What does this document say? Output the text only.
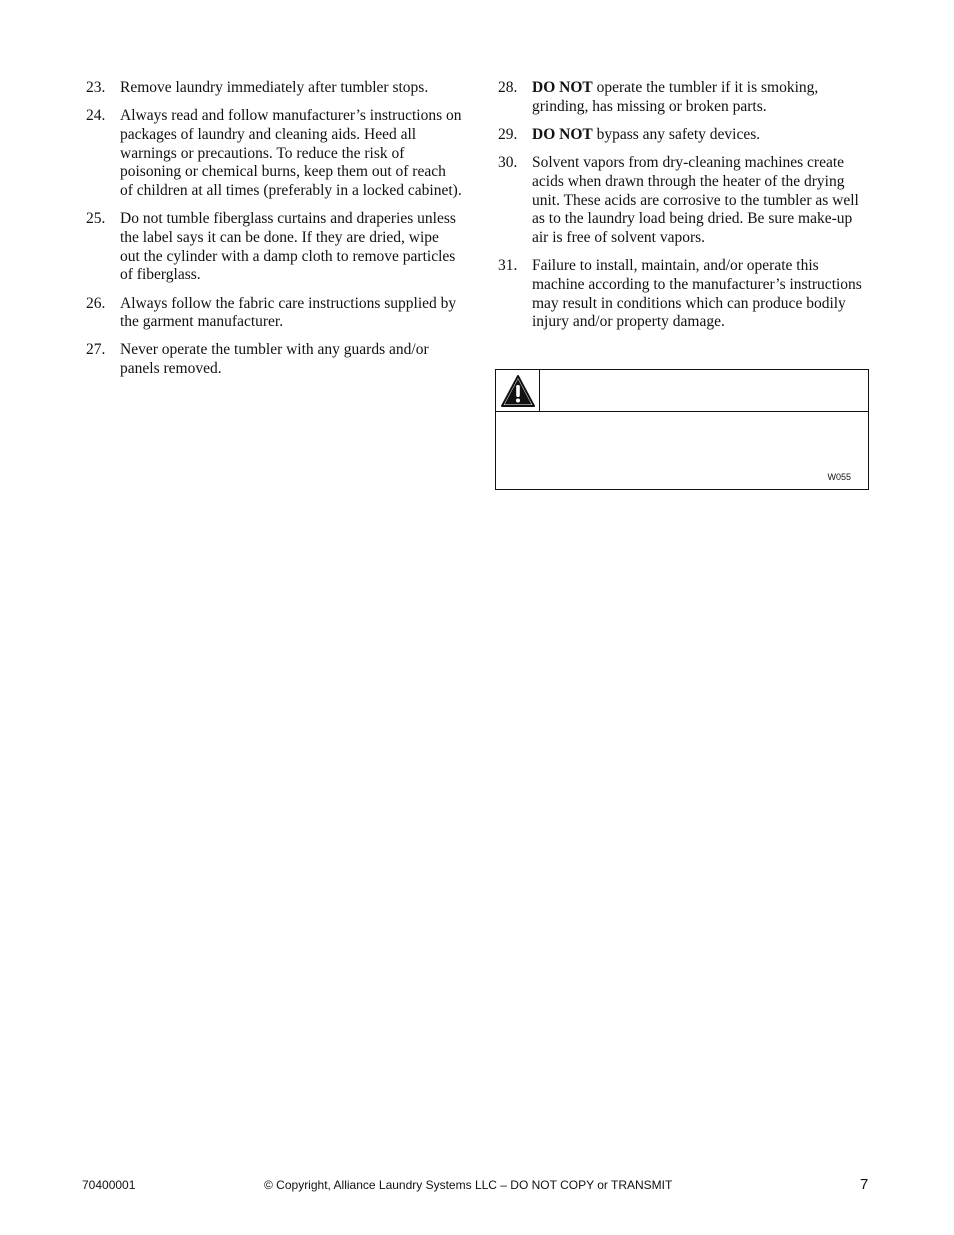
23. Remove laundry immediately after tumbler stops.
24. Always read and follow manufacturer’s instructions on packages of laundry and cleaning aids. Heed all warnings or precautions. To reduce the risk of poisoning or chemical burns, keep them out of reach of children at all times (preferably in a locked cabinet).
25. Do not tumble fiberglass curtains and draperies unless the label says it can be done. If they are dried, wipe out the cylinder with a damp cloth to remove particles of fiberglass.
26. Always follow the fabric care instructions supplied by the garment manufacturer.
27. Never operate the tumbler with any guards and/or panels removed.
28. DO NOT operate the tumbler if it is smoking, grinding, has missing or broken parts.
29. DO NOT bypass any safety devices.
30. Solvent vapors from dry-cleaning machines create acids when drawn through the heater of the drying unit. These acids are corrosive to the tumbler as well as to the laundry load being dried. Be sure make-up air is free of solvent vapors.
31. Failure to install, maintain, and/or operate this machine according to the manufacturer’s instructions may result in conditions which can produce bodily injury and/or property damage.
W055
70400001	© Copyright, Alliance Laundry Systems LLC – DO NOT COPY or TRANSMIT	7
